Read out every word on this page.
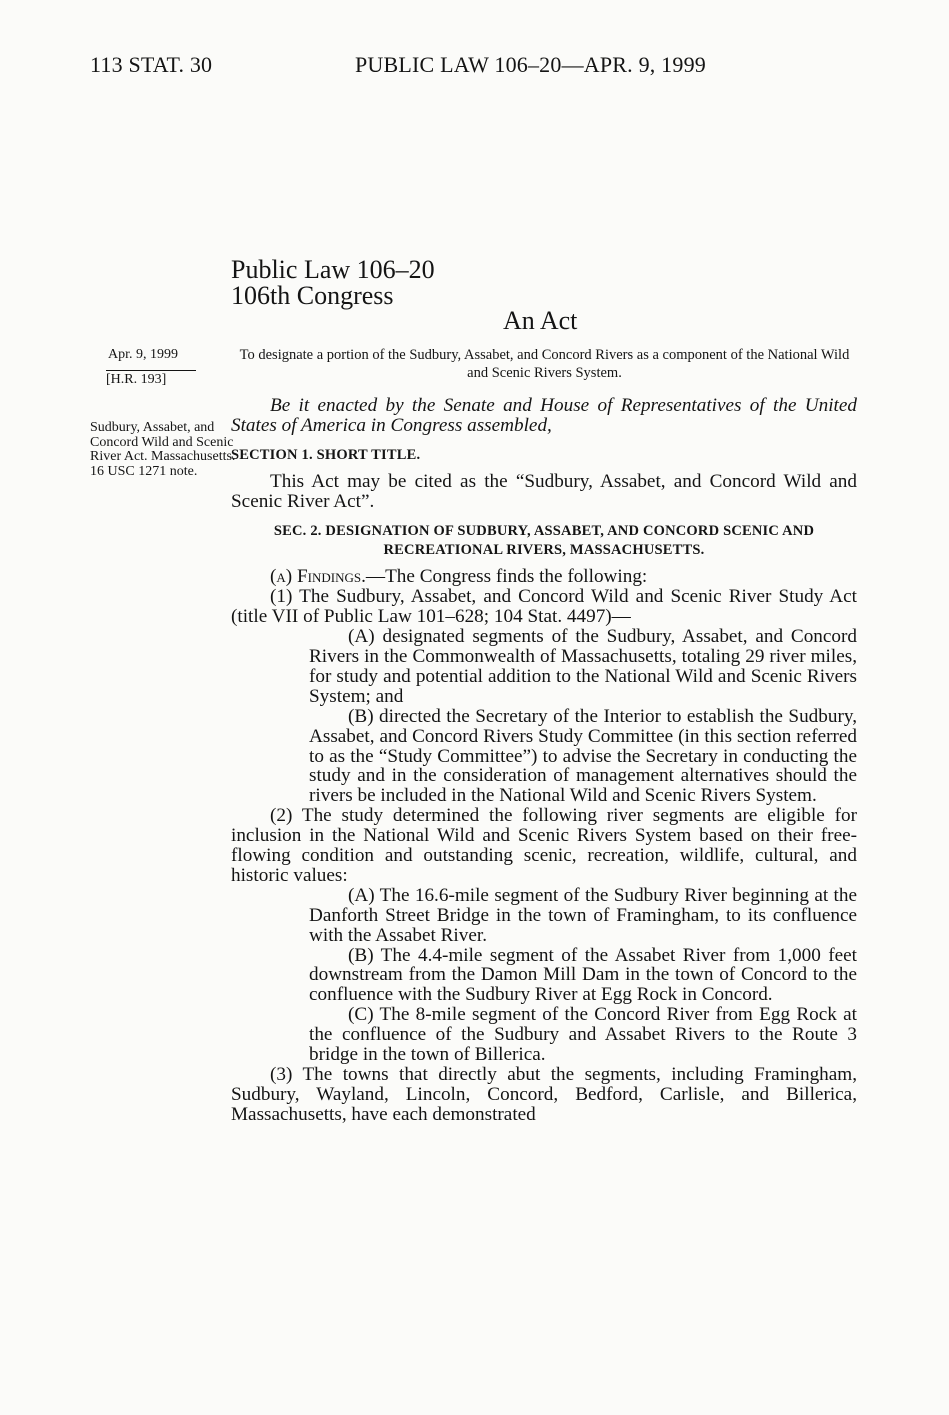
113 STAT. 30	PUBLIC LAW 106–20—APR. 9, 1999
Public Law 106–20
106th Congress
An Act
To designate a portion of the Sudbury, Assabet, and Concord Rivers as a component of the National Wild and Scenic Rivers System.
Apr. 9, 1999
[H.R. 193]
Sudbury, Assabet, and Concord Wild and Scenic River Act. Massachusetts. 16 USC 1271 note.

Be it enacted by the Senate and House of Representatives of the United States of America in Congress assembled,

SECTION 1. SHORT TITLE.

This Act may be cited as the “Sudbury, Assabet, and Concord Wild and Scenic River Act”.

SEC. 2. DESIGNATION OF SUDBURY, ASSABET, AND CONCORD SCENIC AND RECREATIONAL RIVERS, MASSACHUSETTS.

(a) Findings.—The Congress finds the following:

(1) The Sudbury, Assabet, and Concord Wild and Scenic River Study Act (title VII of Public Law 101–628; 104 Stat. 4497)—

(A) designated segments of the Sudbury, Assabet, and Concord Rivers in the Commonwealth of Massachusetts, totaling 29 river miles, for study and potential addition to the National Wild and Scenic Rivers System; and

(B) directed the Secretary of the Interior to establish the Sudbury, Assabet, and Concord Rivers Study Committee (in this section referred to as the “Study Committee”) to advise the Secretary in conducting the study and in the consideration of management alternatives should the rivers be included in the National Wild and Scenic Rivers System.

(2) The study determined the following river segments are eligible for inclusion in the National Wild and Scenic Rivers System based on their free-flowing condition and outstanding scenic, recreation, wildlife, cultural, and historic values:

(A) The 16.6-mile segment of the Sudbury River beginning at the Danforth Street Bridge in the town of Framingham, to its confluence with the Assabet River.

(B) The 4.4-mile segment of the Assabet River from 1,000 feet downstream from the Damon Mill Dam in the town of Concord to the confluence with the Sudbury River at Egg Rock in Concord.

(C) The 8-mile segment of the Concord River from Egg Rock at the confluence of the Sudbury and Assabet Rivers to the Route 3 bridge in the town of Billerica.

(3) The towns that directly abut the segments, including Framingham, Sudbury, Wayland, Lincoln, Concord, Bedford, Carlisle, and Billerica, Massachusetts, have each demonstrated
